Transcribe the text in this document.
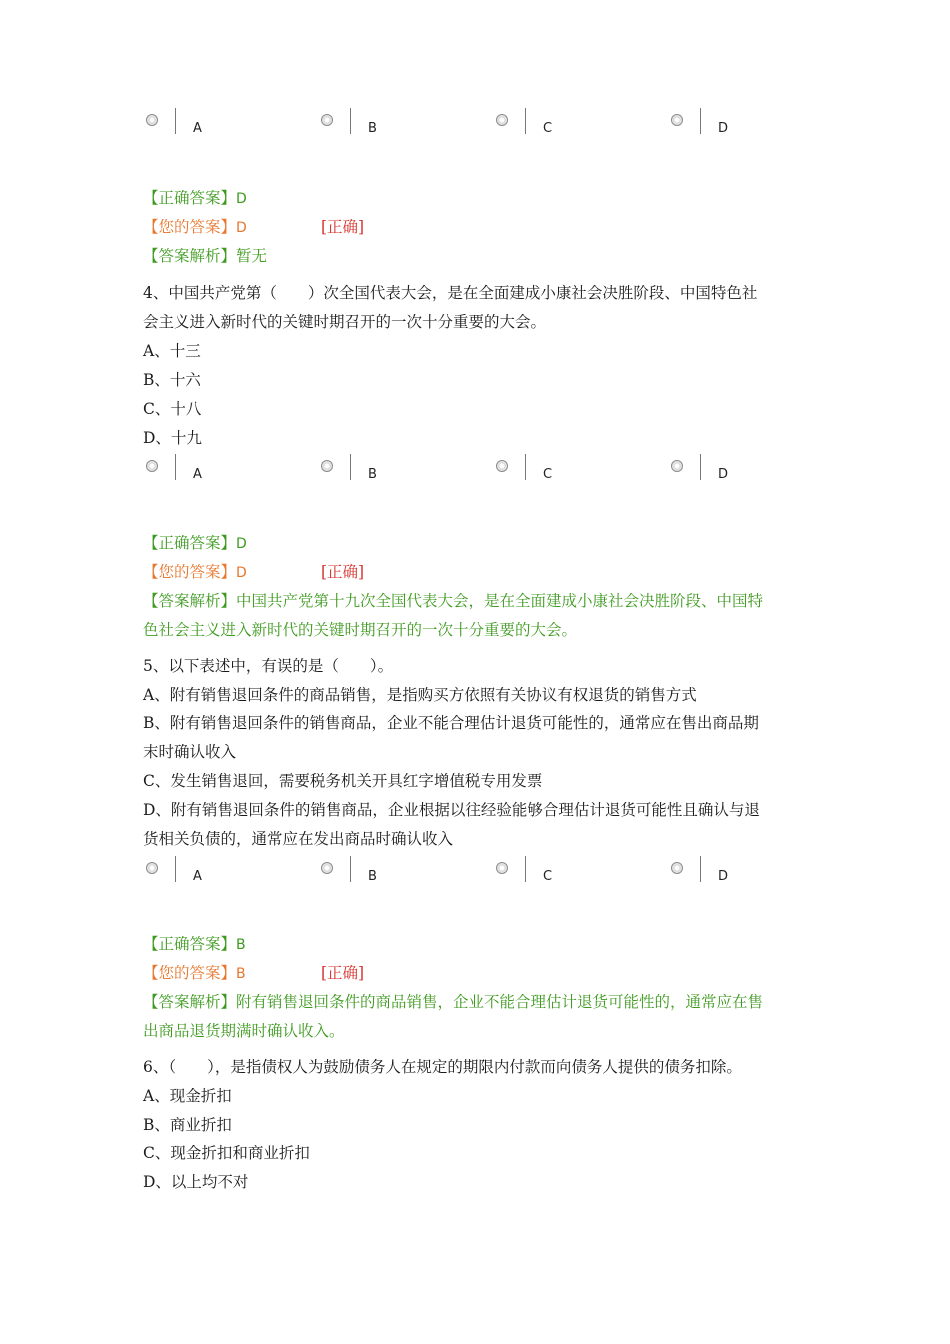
A	B	C	D
【正确答案】D
【您的答案】D	[正确]
【答案解析】暂无
4、中国共产党第（　　）次全国代表大会，是在全面建成小康社会决胜阶段、中国特色社
会主义进入新时代的关键时期召开的一次十分重要的大会。
A、十三
B、十六
C、十八
D、十九
A	B	C	D
【正确答案】D
【您的答案】D	[正确]
【答案解析】中国共产党第十九次全国代表大会，是在全面建成小康社会决胜阶段、中国特
色社会主义进入新时代的关键时期召开的一次十分重要的大会。
5、以下表述中，有误的是（　　）。
A、附有销售退回条件的商品销售，是指购买方依照有关协议有权退货的销售方式
B、附有销售退回条件的销售商品，企业不能合理估计退货可能性的，通常应在售出商品期
末时确认收入
C、发生销售退回，需要税务机关开具红字增值税专用发票
D、附有销售退回条件的销售商品，企业根据以往经验能够合理估计退货可能性且确认与退
货相关负债的，通常应在发出商品时确认收入
A	B	C	D
【正确答案】B
【您的答案】B	[正确]
【答案解析】附有销售退回条件的商品销售，企业不能合理估计退货可能性的，通常应在售
出商品退货期满时确认收入。
6、（　　），是指债权人为鼓励债务人在规定的期限内付款而向债务人提供的债务扣除。
A、现金折扣
B、商业折扣
C、现金折扣和商业折扣
D、以上均不对
